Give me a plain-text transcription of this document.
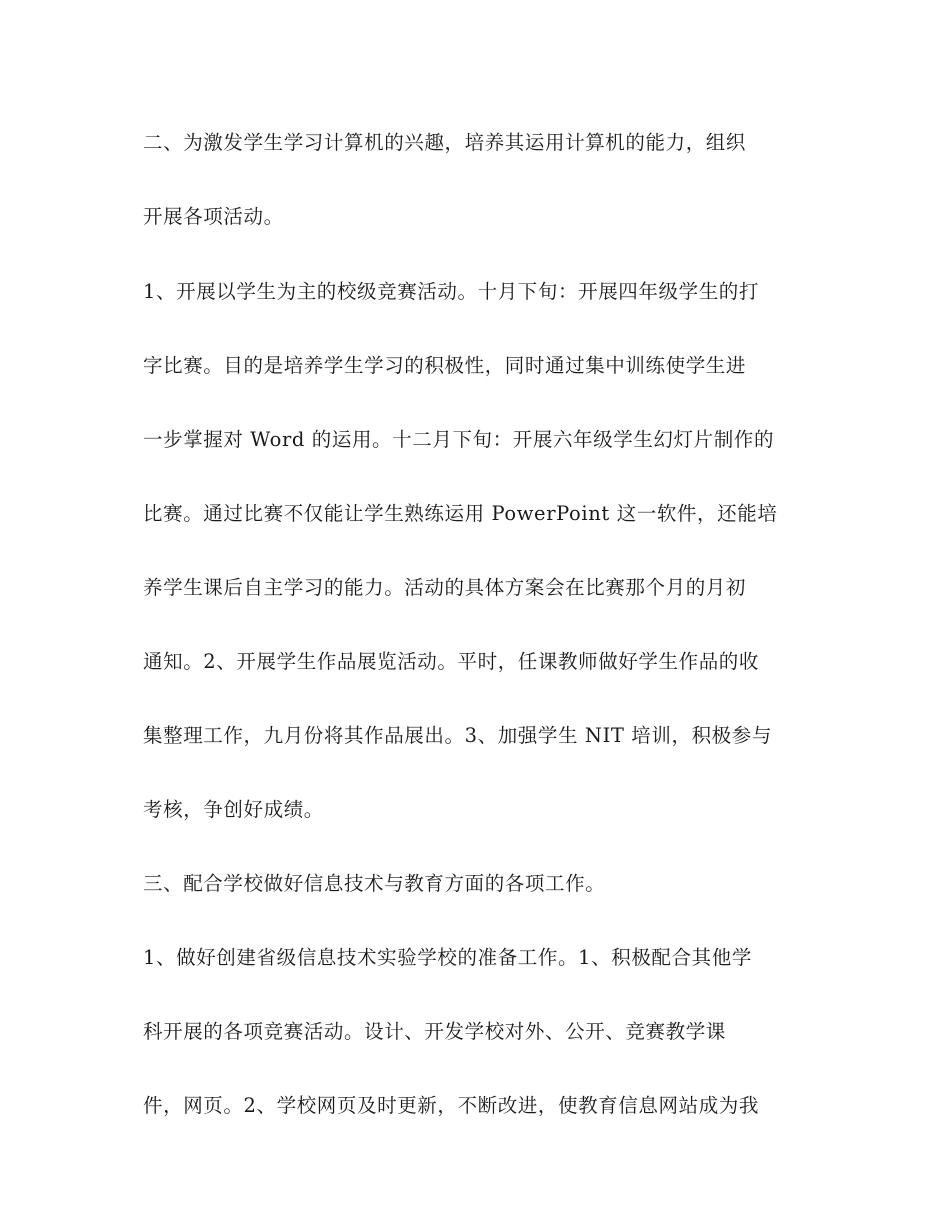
二、为激发学生学习计算机的兴趣，培养其运用计算机的能力，组织

开展各项活动。

1、开展以学生为主的校级竞赛活动。十月下旬：开展四年级学生的打

字比赛。目的是培养学生学习的积极性，同时通过集中训练使学生进

一步掌握对 Word 的运用。十二月下旬：开展六年级学生幻灯片制作的

比赛。通过比赛不仅能让学生熟练运用 PowerPoint 这一软件，还能培

养学生课后自主学习的能力。活动的具体方案会在比赛那个月的月初

通知。2、开展学生作品展览活动。平时，任课教师做好学生作品的收

集整理工作，九月份将其作品展出。3、加强学生 NIT 培训，积极参与

考核，争创好成绩。

三、配合学校做好信息技术与教育方面的各项工作。

1、做好创建省级信息技术实验学校的准备工作。1、积极配合其他学

科开展的各项竞赛活动。设计、开发学校对外、公开、竞赛教学课

件，网页。2、学校网页及时更新，不断改进，使教育信息网站成为我
